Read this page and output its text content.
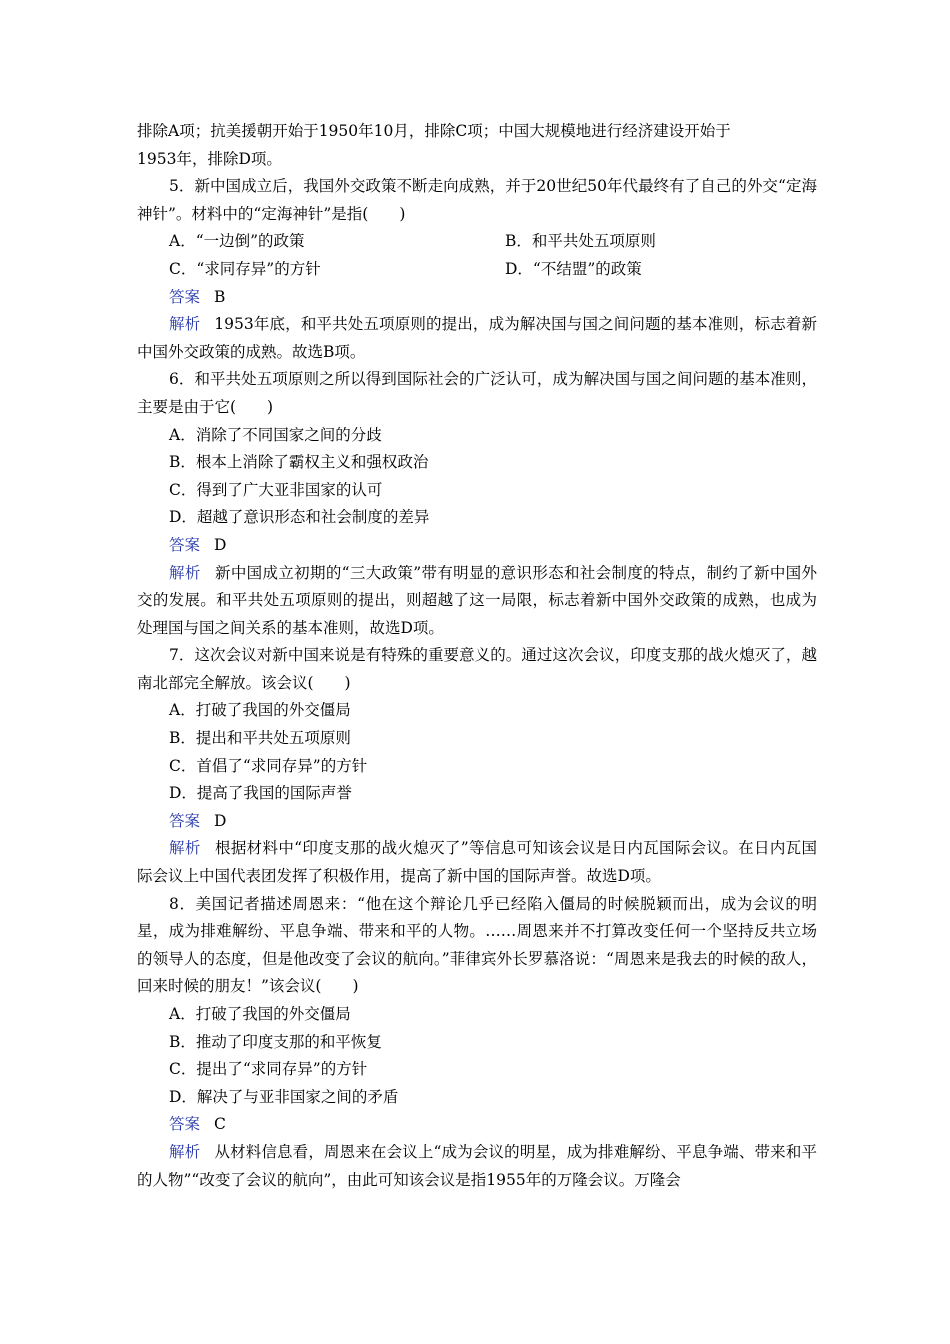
排除A项；抗美援朝开始于1950年10月，排除C项；中国大规模地进行经济建设开始于

1953年，排除D项。

5．新中国成立后，我国外交政策不断走向成熟，并于20世纪50年代最终有了自己的外交“定海神针”。材料中的“定海神针”是指(　　)

A．“一边倒”的政策	B．和平共处五项原则
C．“求同存异”的方针	D．“不结盟”的政策

答案 B

解析 1953年底，和平共处五项原则的提出，成为解决国与国之间问题的基本准则，标志着新中国外交政策的成熟。故选B项。

6．和平共处五项原则之所以得到国际社会的广泛认可，成为解决国与国之间问题的基本准则，主要是由于它(　　)

A．消除了不同国家之间的分歧

B．根本上消除了霸权主义和强权政治

C．得到了广大亚非国家的认可

D．超越了意识形态和社会制度的差异

答案 D

解析 新中国成立初期的“三大政策”带有明显的意识形态和社会制度的特点，制约了新中国外交的发展。和平共处五项原则的提出，则超越了这一局限，标志着新中国外交政策的成熟，也成为处理国与国之间关系的基本准则，故选D项。

7．这次会议对新中国来说是有特殊的重要意义的。通过这次会议，印度支那的战火熄灭了，越南北部完全解放。该会议(　　)

A．打破了我国的外交僵局

B．提出和平共处五项原则

C．首倡了“求同存异”的方针

D．提高了我国的国际声誉

答案 D

解析 根据材料中“印度支那的战火熄灭了”等信息可知该会议是日内瓦国际会议。在日内瓦国际会议上中国代表团发挥了积极作用，提高了新中国的国际声誉。故选D项。

8．美国记者描述周恩来：“他在这个辩论几乎已经陷入僵局的时候脱颖而出，成为会议的明星，成为排难解纷、平息争端、带来和平的人物。……周恩来并不打算改变任何一个坚持反共立场的领导人的态度，但是他改变了会议的航向。”菲律宾外长罗慕洛说：“周恩来是我去的时候的敌人，回来时候的朋友！”该会议(　　)

A．打破了我国的外交僵局

B．推动了印度支那的和平恢复

C．提出了“求同存异”的方针

D．解决了与亚非国家之间的矛盾

答案 C

解析 从材料信息看，周恩来在会议上“成为会议的明星，成为排难解纷、平息争端、带来和平的人物”“改变了会议的航向”，由此可知该会议是指1955年的万隆会议。万隆会
